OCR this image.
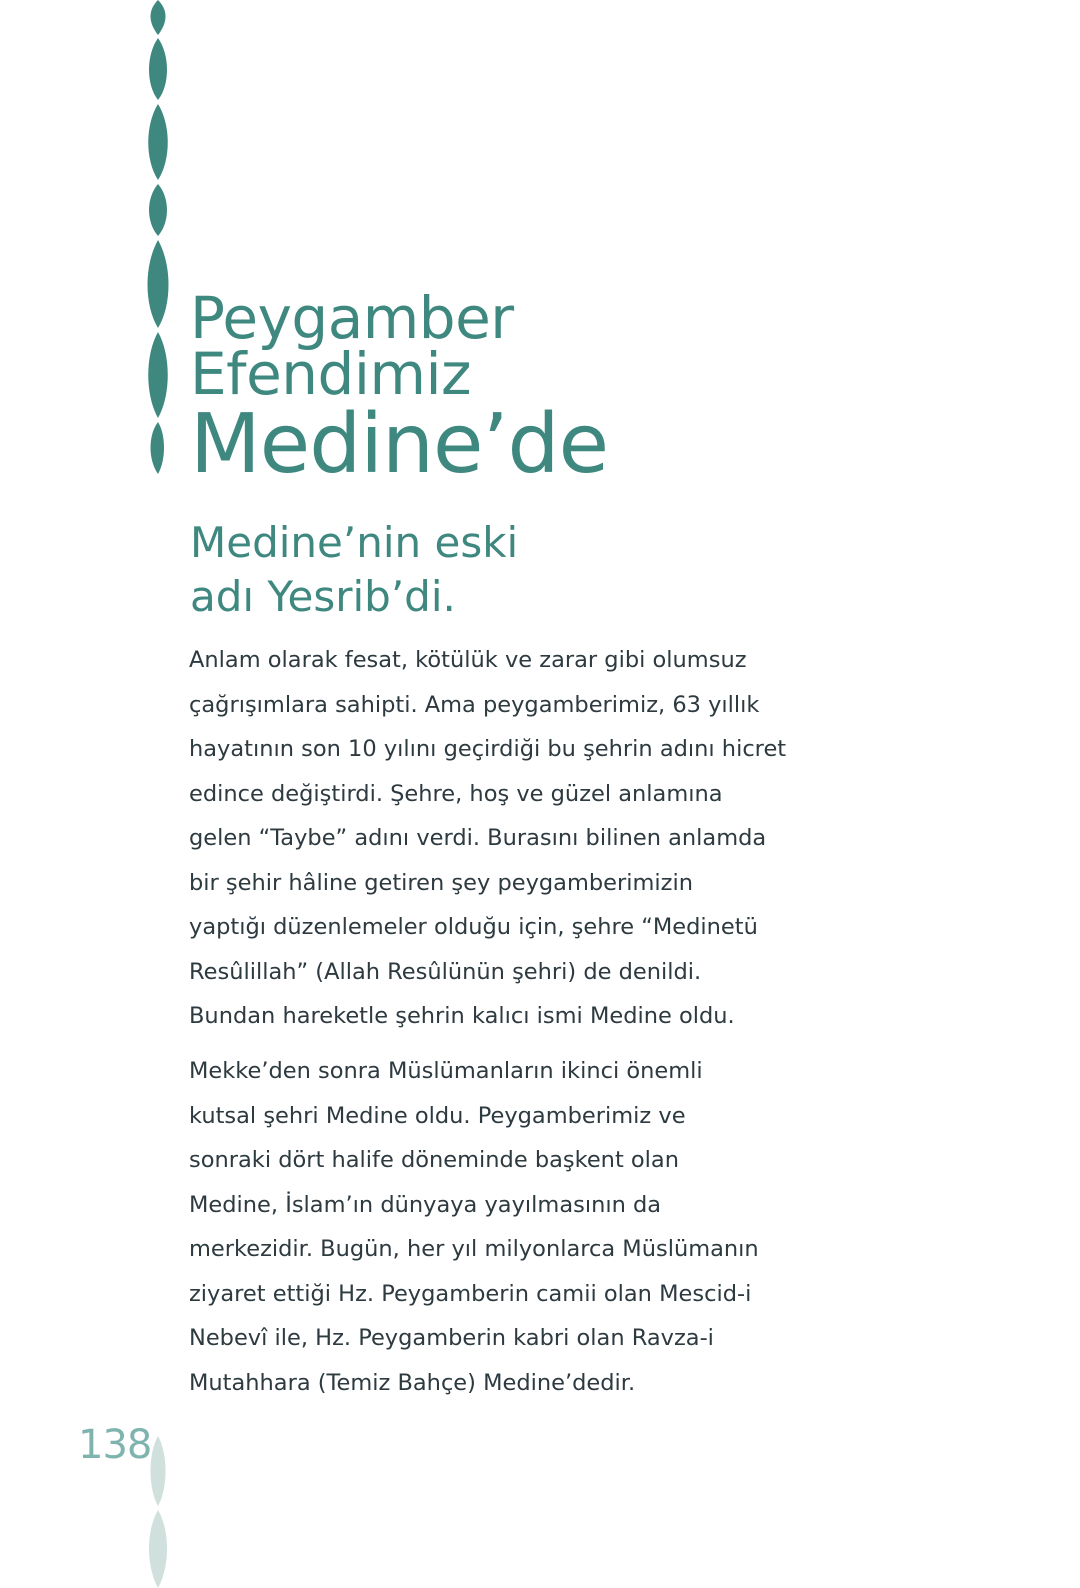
Peygamber
Efendimiz
Medine’de
Medine’nin eski
adı Yesrib’di.

Anlam olarak fesat, kötülük ve zarar gibi olumsuz
çağrışımlara sahipti. Ama peygamberimiz, 63 yıllık
hayatının son 10 yılını geçirdiği bu şehrin adını hicret
edince değiştirdi. Şehre, hoş ve güzel anlamına
gelen “Taybe” adını verdi. Burasını bilinen anlamda
bir şehir hâline getiren şey peygamberimizin
yaptığı düzenlemeler olduğu için, şehre “Medinetü
Resûlillah” (Allah Resûlünün şehri) de denildi.
Bundan hareketle şehrin kalıcı ismi Medine oldu.

Mekke’den sonra Müslümanların ikinci önemli
kutsal şehri Medine oldu. Peygamberimiz ve
sonraki dört halife döneminde başkent olan
Medine, İslam’ın dünyaya yayılmasının da
merkezidir. Bugün, her yıl milyonlarca Müslümanın
ziyaret ettiği Hz. Peygamberin camii olan Mescid-i
Nebevî ile, Hz. Peygamberin kabri olan Ravza-i
Mutahhara (Temiz Bahçe) Medine’dedir.

138
